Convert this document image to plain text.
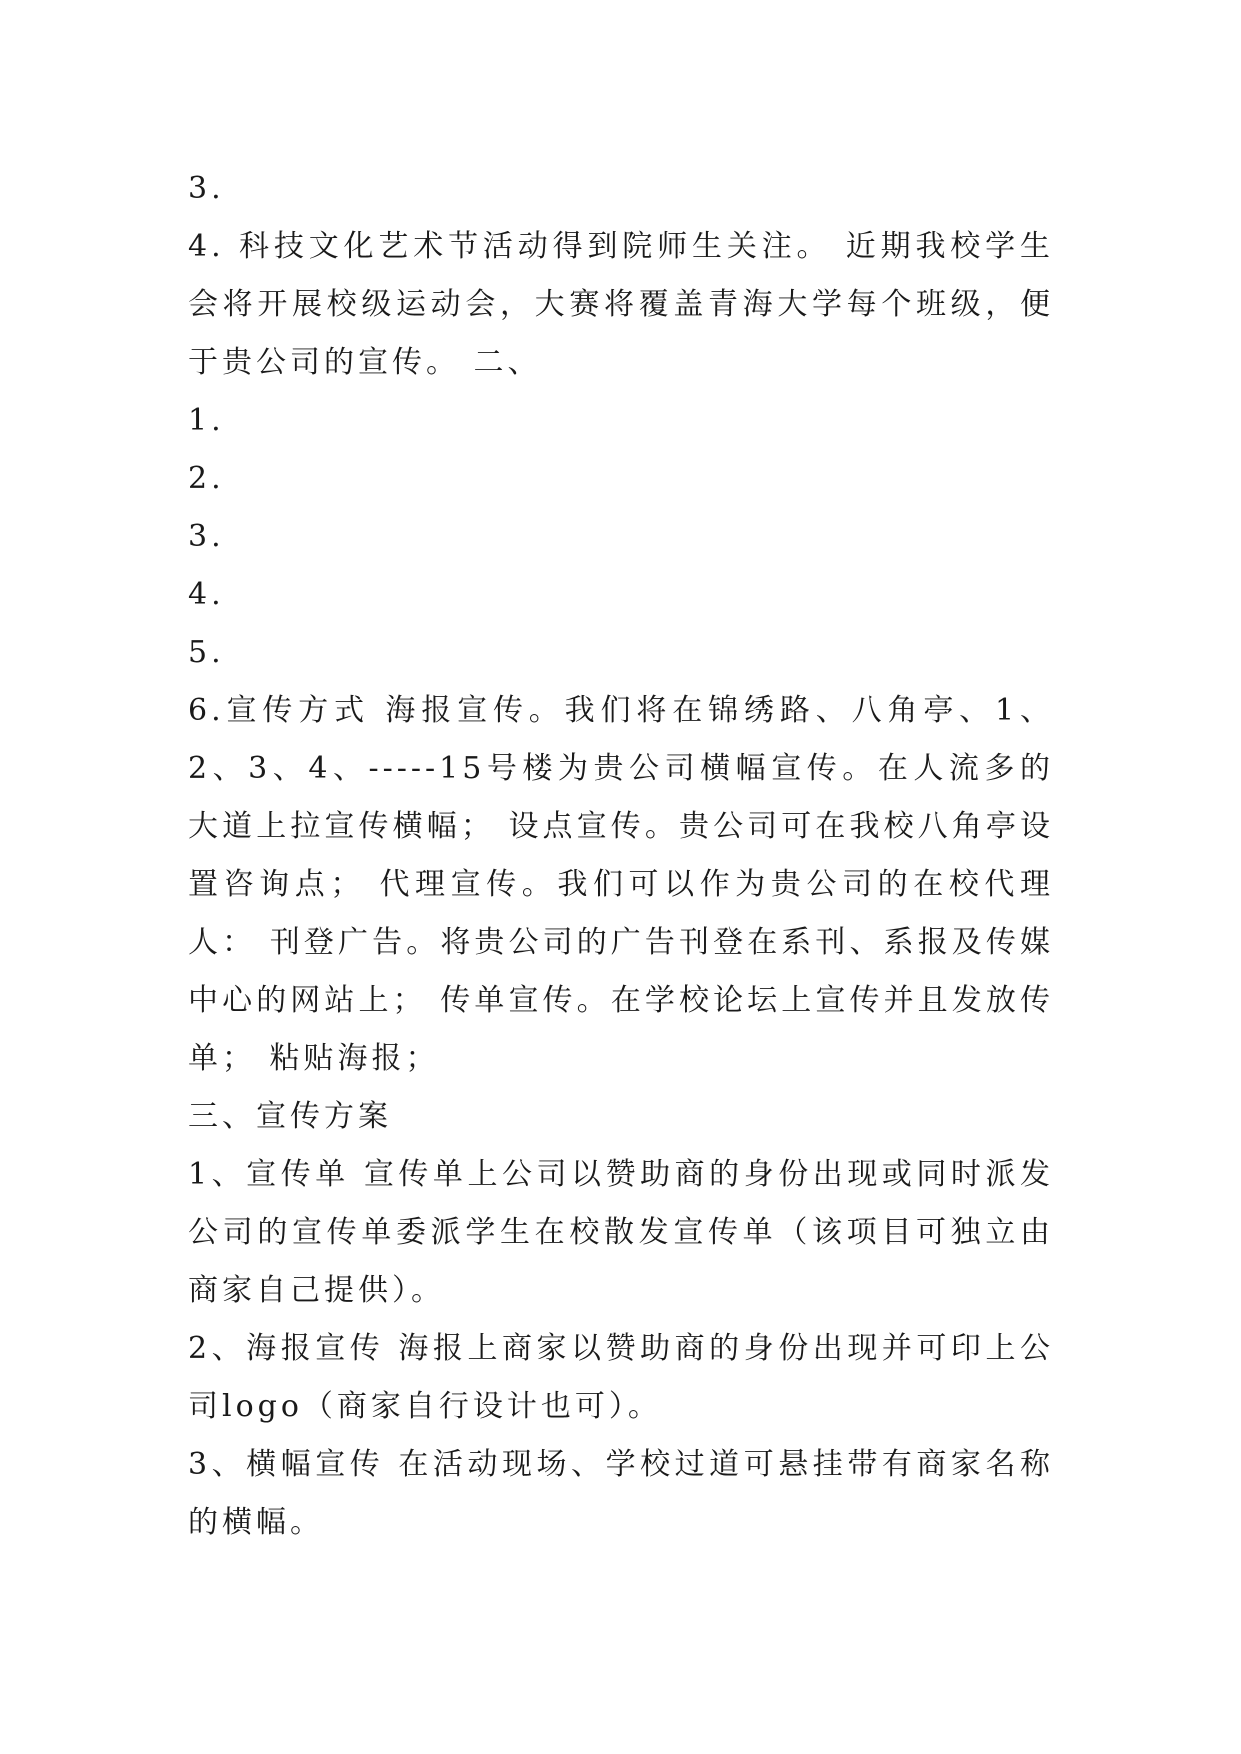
3.

4. 科技文化艺术节活动得到院师生关注。 近期我校学生会将开展校级运动会，大赛将覆盖青海大学每个班级，便于贵公司的宣传。 二、

1.

2.

3.

4.

5.

6.宣传方式 海报宣传。我们将在锦绣路、八角亭、1、2、3、4、-----15号楼为贵公司横幅宣传。在人流多的大道上拉宣传横幅； 设点宣传。贵公司可在我校八角亭设置咨询点； 代理宣传。我们可以作为贵公司的在校代理人： 刊登广告。将贵公司的广告刊登在系刊、系报及传媒中心的网站上； 传单宣传。在学校论坛上宣传并且发放传单； 粘贴海报；

三、宣传方案

1、宣传单 宣传单上公司以赞助商的身份出现或同时派发公司的宣传单委派学生在校散发宣传单（该项目可独立由商家自己提供）。

2、海报宣传 海报上商家以赞助商的身份出现并可印上公司logo（商家自行设计也可）。

3、横幅宣传 在活动现场、学校过道可悬挂带有商家名称的横幅。
